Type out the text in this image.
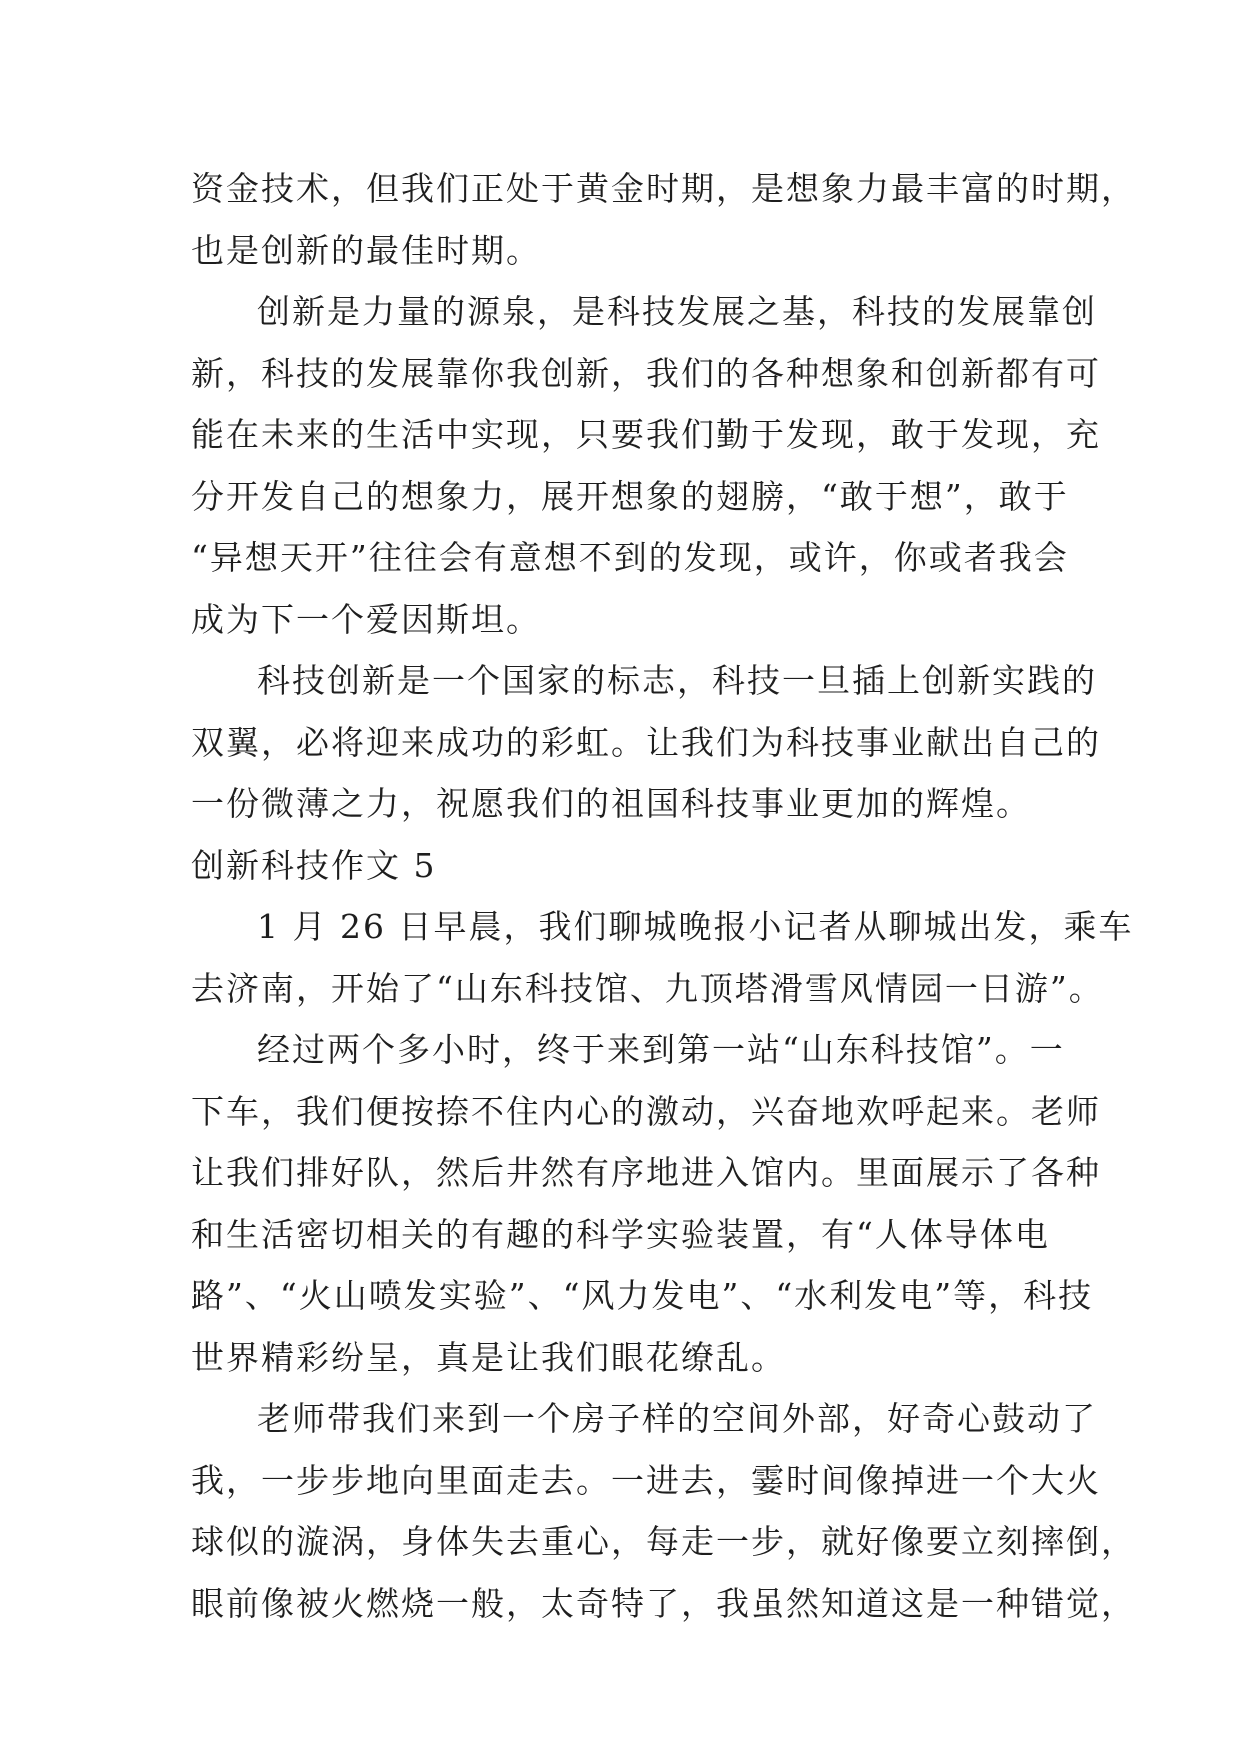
资金技术，但我们正处于黄金时期，是想象力最丰富的时期，
也是创新的最佳时期。
创新是力量的源泉，是科技发展之基，科技的发展靠创
新，科技的发展靠你我创新，我们的各种想象和创新都有可
能在未来的生活中实现，只要我们勤于发现，敢于发现，充
分开发自己的想象力，展开想象的翅膀，“敢于想”，敢于
“异想天开”往往会有意想不到的发现，或许，你或者我会
成为下一个爱因斯坦。
科技创新是一个国家的标志，科技一旦插上创新实践的
双翼，必将迎来成功的彩虹。让我们为科技事业献出自己的
一份微薄之力，祝愿我们的祖国科技事业更加的辉煌。
创新科技作文 5
1 月 26 日早晨，我们聊城晚报小记者从聊城出发，乘车
去济南，开始了“山东科技馆、九顶塔滑雪风情园一日游”。
经过两个多小时，终于来到第一站“山东科技馆”。一
下车，我们便按捺不住内心的激动，兴奋地欢呼起来。老师
让我们排好队，然后井然有序地进入馆内。里面展示了各种
和生活密切相关的有趣的科学实验装置，有“人体导体电
路”、“火山喷发实验”、“风力发电”、“水利发电”等，科技
世界精彩纷呈，真是让我们眼花缭乱。
老师带我们来到一个房子样的空间外部，好奇心鼓动了
我，一步步地向里面走去。一进去，霎时间像掉进一个大火
球似的漩涡，身体失去重心，每走一步，就好像要立刻摔倒，
眼前像被火燃烧一般，太奇特了，我虽然知道这是一种错觉，
